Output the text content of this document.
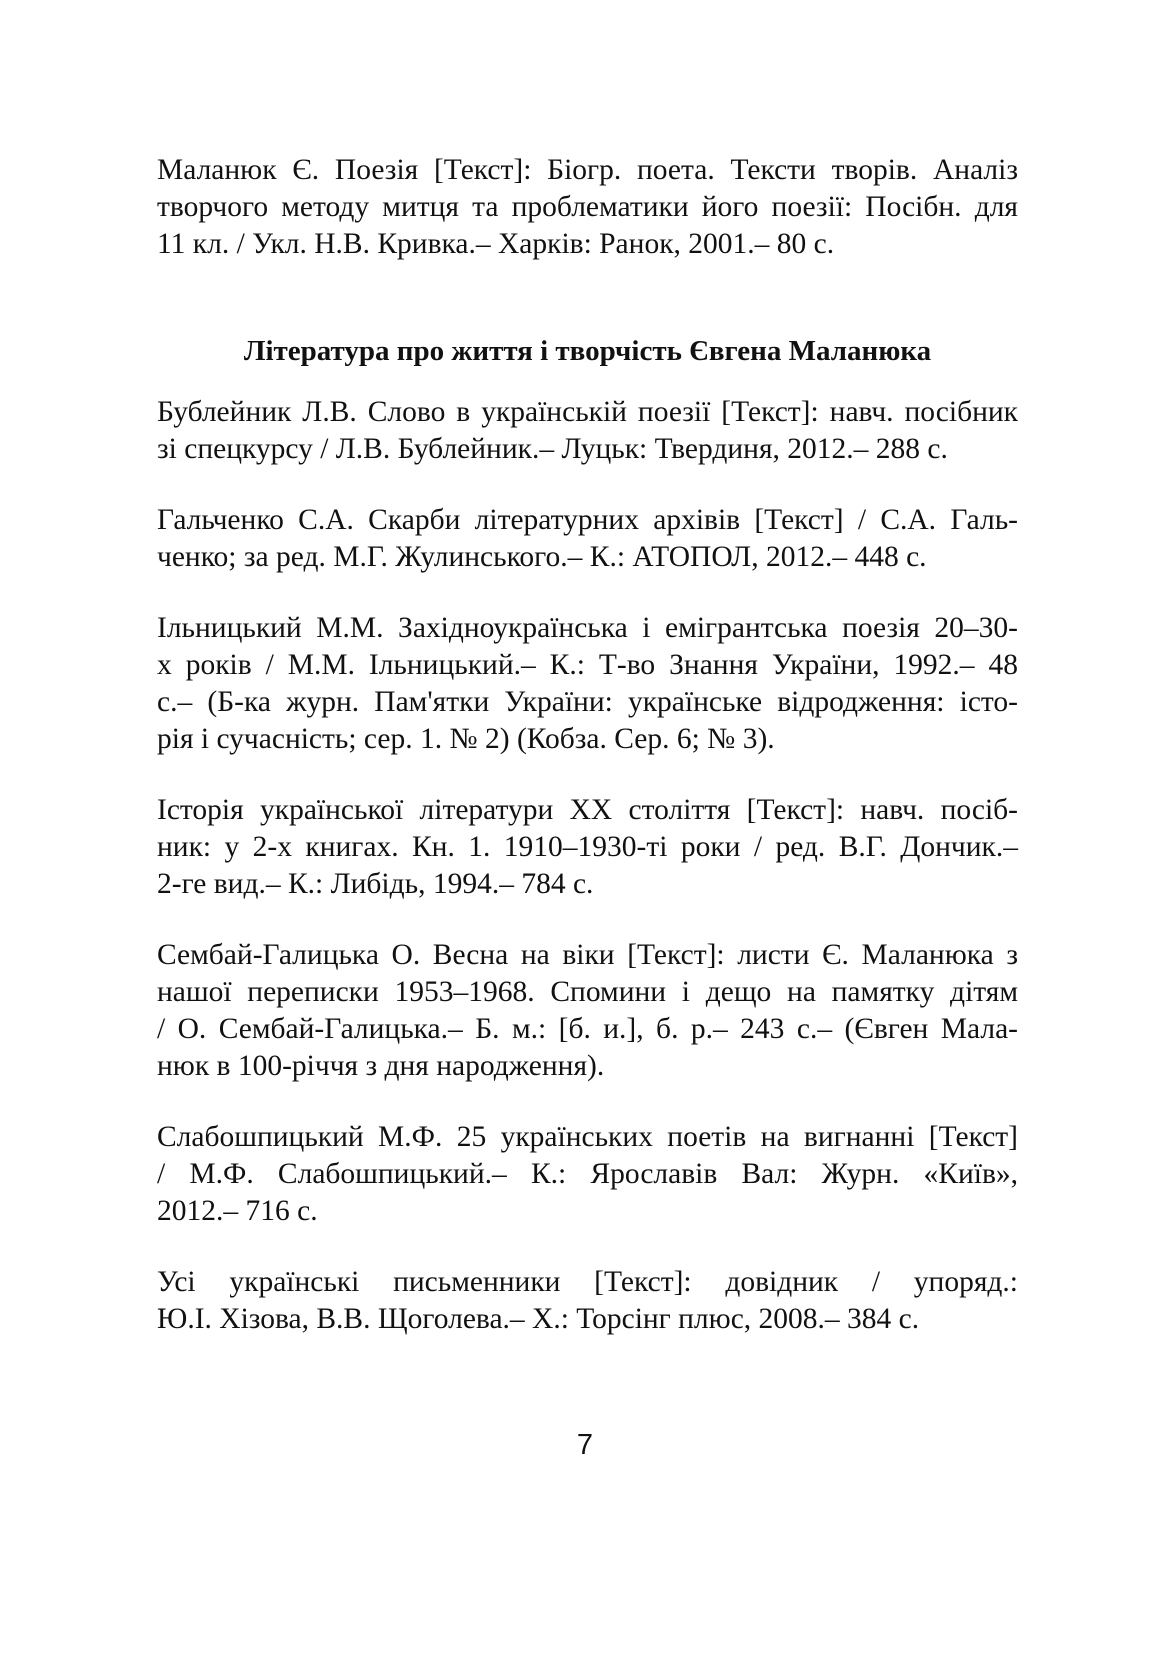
Маланюк Є. Поезія [Текст]: Біогр. поета. Тексти творів. Аналіз
творчого методу митця та проблематики його поезії: Посібн. для
11 кл. / Укл. Н.В. Кривка.– Харків: Ранок, 2001.– 80 с.
Література про життя і творчість Євгена Маланюка
Бублейник Л.В. Слово в українській поезії [Текст]: навч. посібник
зі спецкурсу / Л.В. Бублейник.– Луцьк: Твердиня, 2012.– 288 с.
Гальченко С.А. Скарби літературних архівів [Текст] / С.А. Галь-
ченко; за ред. М.Г. Жулинського.– К.: АТОПОЛ, 2012.– 448 с.
Ільницький М.М. Західноукраїнська і емігрантська поезія 20–30-
х років / М.М. Ільницький.– К.: Т-во Знання України, 1992.– 48
с.– (Б-ка журн. Пам'ятки України: українське відродження: істо-
рія і сучасність; сер. 1. № 2) (Кобза. Сер. 6; № 3).
Історія української літератури XX століття [Текст]: навч. посіб-
ник: у 2-х книгах. Кн. 1. 1910–1930-ті роки / ред. В.Г. Дончик.–
2-ге вид.– К.: Либідь, 1994.– 784 с.
Сембай-Галицька О. Весна на віки [Текст]: листи Є. Маланюка з
нашої переписки 1953–1968. Спомини і дещо на памятку дітям
/ О. Сембай-Галицька.– Б. м.: [б. и.], б. р.– 243 с.– (Євген Мала-
нюк в 100-річчя з дня народження).
Слабошпицький М.Ф. 25 українських поетів на вигнанні [Текст]
/ М.Ф. Слабошпицький.– К.: Ярославів Вал: Журн. «Київ»,
2012.– 716 с.
Усі українські письменники [Текст]: довідник / упоряд.:
Ю.І. Хізова, В.В. Щоголева.– Х.: Торсінг плюс, 2008.– 384 с.
7
